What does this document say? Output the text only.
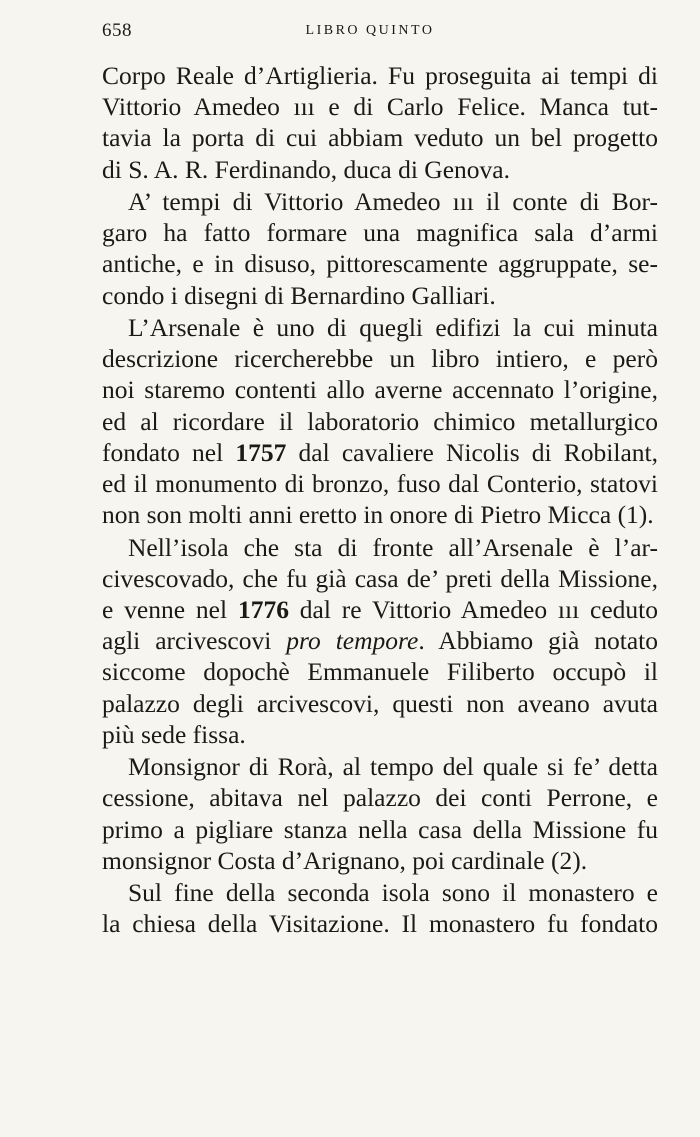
658	LIBRO QUINTO
Corpo Reale d’Artiglieria. Fu proseguita ai tempi di
Vittorio Amedeo ııı e di Carlo Felice. Manca tut-
tavia la porta di cui abbiam veduto un bel progetto
di S. A. R. Ferdinando, duca di Genova.
A’ tempi di Vittorio Amedeo ııı il conte di Bor-
garo ha fatto formare una magnifica sala d’armi
antiche, e in disuso, pittorescamente aggruppate, se-
condo i disegni di Bernardino Galliari.
L’Arsenale è uno di quegli edifizi la cui minuta
descrizione ricercherebbe un libro intiero, e però
noi staremo contenti allo averne accennato l’origine,
ed al ricordare il laboratorio chimico metallurgico
fondato nel 1757 dal cavaliere Nicolis di Robilant,
ed il monumento di bronzo, fuso dal Conterio, statovi
non son molti anni eretto in onore di Pietro Micca (1).
Nell’isola che sta di fronte all’Arsenale è l’ar-
civescovado, che fu già casa de’ preti della Missione,
e venne nel 1776 dal re Vittorio Amedeo ııı ceduto
agli arcivescovi pro tempore. Abbiamo già notato
siccome dopochè Emmanuele Filiberto occupò il
palazzo degli arcivescovi, questi non aveano avuta
più sede fissa.
Monsignor di Rorà, al tempo del quale si fe’ detta
cessione, abitava nel palazzo dei conti Perrone, e
primo a pigliare stanza nella casa della Missione fu
monsignor Costa d’Arignano, poi cardinale (2).
Sul fine della seconda isola sono il monastero e
la chiesa della Visitazione. Il monastero fu fondato
